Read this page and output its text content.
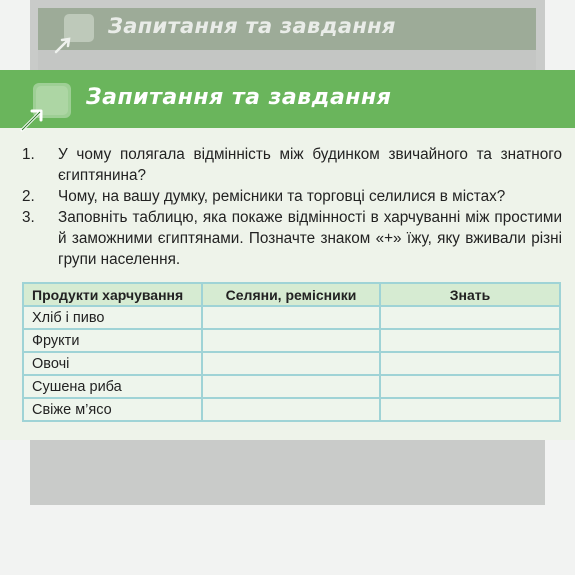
Запитання та завдання
Запитання та завдання
1. У чому полягала відмінність між будинком звичайного та знатного єгиптянина?
2. Чому, на вашу думку, ремісники та торговці селилися в містах?
3. Заповніть таблицю, яка покаже відмінності в харчуванні між простими й заможними єгиптянами. Позначте знаком «+» їжу, яку вживали різні групи населення.
Продукти харчування	Селяни, ремісники	Знать
Хліб і пиво		
Фрукти		
Овочі		
Сушена риба		
Свіже м’ясо		
